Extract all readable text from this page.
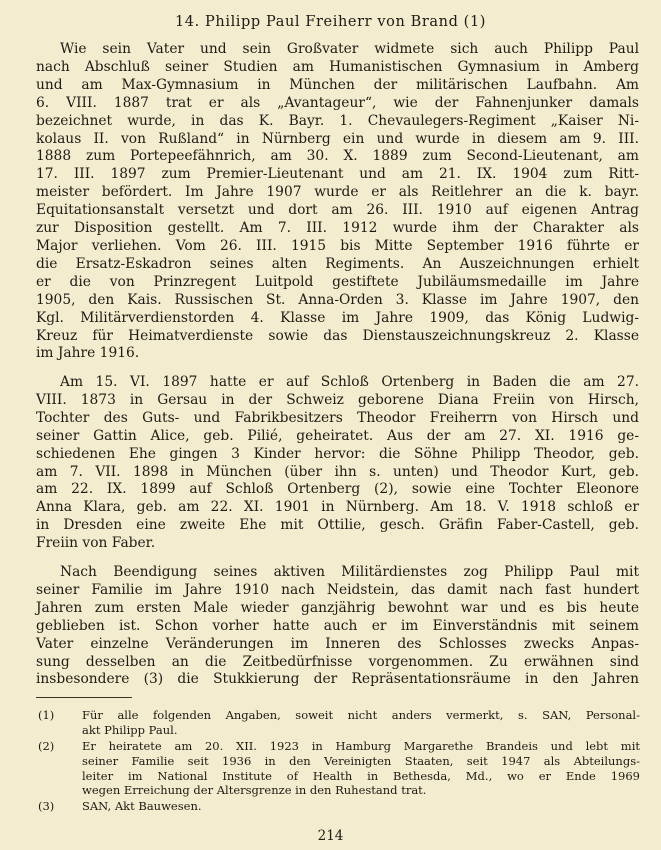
14. Philipp Paul Freiherr von Brand (1)
Wie sein Vater und sein Großvater widmete sich auch Philipp Paul
nach Abschluß seiner Studien am Humanistischen Gymnasium in Amberg
und am Max-Gymnasium in München der militärischen Laufbahn. Am
6. VIII. 1887 trat er als „Avantageur“, wie der Fahnenjunker damals
bezeichnet wurde, in das K. Bayr. 1. Chevaulegers-Regiment „Kaiser Ni-
kolaus II. von Rußland“ in Nürnberg ein und wurde in diesem am 9. III.
1888 zum Portepeefähnrich, am 30. X. 1889 zum Second-Lieutenant, am
17. III. 1897 zum Premier-Lieutenant und am 21. IX. 1904 zum Ritt-
meister befördert. Im Jahre 1907 wurde er als Reitlehrer an die k. bayr.
Equitationsanstalt versetzt und dort am 26. III. 1910 auf eigenen Antrag
zur Disposition gestellt. Am 7. III. 1912 wurde ihm der Charakter als
Major verliehen. Vom 26. III. 1915 bis Mitte September 1916 führte er
die Ersatz-Eskadron seines alten Regiments. An Auszeichnungen erhielt
er die von Prinzregent Luitpold gestiftete Jubiläumsmedaille im Jahre
1905, den Kais. Russischen St. Anna-Orden 3. Klasse im Jahre 1907, den
Kgl. Militärverdienstorden 4. Klasse im Jahre 1909, das König Ludwig-
Kreuz für Heimatverdienste sowie das Dienstauszeichnungskreuz 2. Klasse
im Jahre 1916.
Am 15. VI. 1897 hatte er auf Schloß Ortenberg in Baden die am 27.
VIII. 1873 in Gersau in der Schweiz geborene Diana Freiin von Hirsch,
Tochter des Guts- und Fabrikbesitzers Theodor Freiherrn von Hirsch und
seiner Gattin Alice, geb. Pilié, geheiratet. Aus der am 27. XI. 1916 ge-
schiedenen Ehe gingen 3 Kinder hervor: die Söhne Philipp Theodor, geb.
am 7. VII. 1898 in München (über ihn s. unten) und Theodor Kurt, geb.
am 22. IX. 1899 auf Schloß Ortenberg (2), sowie eine Tochter Eleonore
Anna Klara, geb. am 22. XI. 1901 in Nürnberg. Am 18. V. 1918 schloß er
in Dresden eine zweite Ehe mit Ottilie, gesch. Gräfin Faber-Castell, geb.
Freiin von Faber.
Nach Beendigung seines aktiven Militärdienstes zog Philipp Paul mit
seiner Familie im Jahre 1910 nach Neidstein, das damit nach fast hundert
Jahren zum ersten Male wieder ganzjährig bewohnt war und es bis heute
geblieben ist. Schon vorher hatte auch er im Einverständnis mit seinem
Vater einzelne Veränderungen im Inneren des Schlosses zwecks Anpas-
sung desselben an die Zeitbedürfnisse vorgenommen. Zu erwähnen sind
insbesondere (3) die Stukkierung der Repräsentationsräume in den Jahren
(1) Für alle folgenden Angaben, soweit nicht anders vermerkt, s. SAN, Personal-
akt Philipp Paul.
(2) Er heiratete am 20. XII. 1923 in Hamburg Margarethe Brandeis und lebt mit
seiner Familie seit 1936 in den Vereinigten Staaten, seit 1947 als Abteilungs-
leiter im National Institute of Health in Bethesda, Md., wo er Ende 1969
wegen Erreichung der Altersgrenze in den Ruhestand trat.
(3) SAN, Akt Bauwesen.
214
